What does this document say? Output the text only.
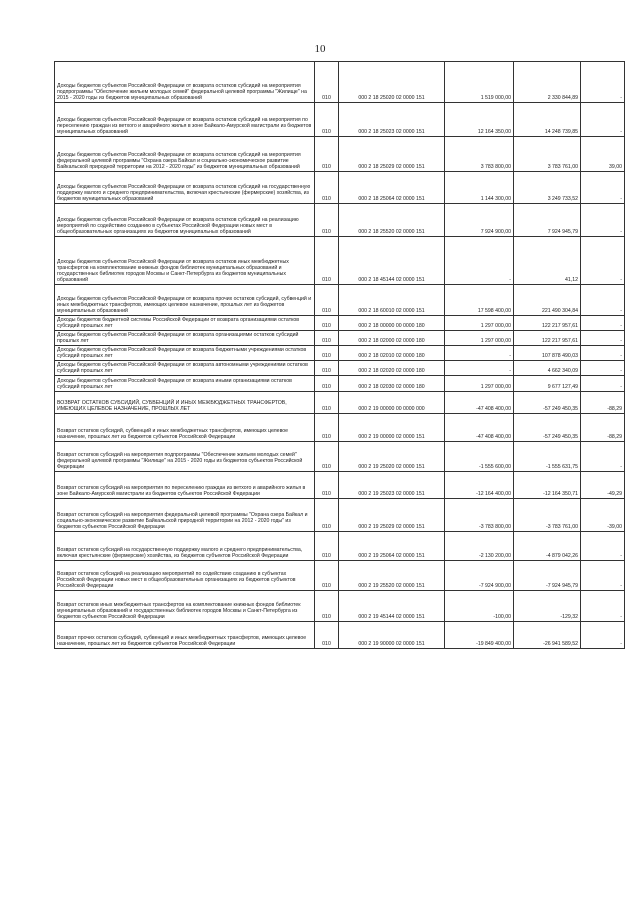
10
Доходы бюджетов субъектов Российской Федерации от возврата остатков субсидий на мероприятия подпрограммы "Обеспечение жильем молодых семей" федеральной целевой программы "Жилище" на 2015 - 2020 годы из бюджетов муниципальных образований	010	000 2 18 25020 02 0000 151	1 519 000,00	2 330 844,89	-
Доходы бюджетов субъектов Российской Федерации от возврата остатков субсидий на мероприятия по переселению граждан из ветхого и аварийного жилья в зоне Байкало-Амурской магистрали из бюджетов муниципальных образований	010	000 2 18 25023 02 0000 151	12 164 350,00	14 248 739,85	-
Доходы бюджетов субъектов Российской Федерации от возврата остатков субсидий на мероприятия федеральной целевой программы "Охрана озера Байкал и социально-экономическое развитие Байкальской природной территории на 2012 - 2020 годы" из бюджетов муниципальных образований	010	000 2 18 25029 02 0000 151	3 783 800,00	3 783 761,00	39,00
Доходы бюджетов субъектов Российской Федерации от возврата остатков субсидий на государственную поддержку малого и среднего предпринимательства, включая крестьянские (фермерские) хозяйства, из бюджетов муниципальных образований	010	000 2 18 25064 02 0000 151	1 144 300,00	3 249 733,52	-
Доходы бюджетов субъектов Российской Федерации от возврата остатков субсидий на реализацию мероприятий по содействию созданию в субъектах Российской Федерации новых мест в общеобразовательных организациях из бюджетов муниципальных образований	010	000 2 18 25520 02 0000 151	7 924 900,00	7 924 945,79	-
Доходы бюджетов субъектов Российской Федерации от возврата остатков иных межбюджетных трансфертов на комплектование книжных фондов библиотек муниципальных образований и государственных библиотек городов Москвы и Санкт-Петербурга из бюджетов муниципальных образований	010	000 2 18 45144 02 0000 151	-	41,12	-
Доходы бюджетов субъектов Российской Федерации от возврата прочих остатков субсидий, субвенций и иных межбюджетных трансфертов, имеющих целевое назначение, прошлых лет из бюджетов муниципальных образований	010	000 2 18 60010 02 0000 151	17 598 400,00	221 490 304,84	-
Доходы бюджетов бюджетной системы Российской Федерации от возврата организациями остатков субсидий прошлых лет	010	000 2 18 00000 00 0000 180	1 297 000,00	122 217 957,61	-
Доходы бюджетов субъектов Российской Федерации от возврата организациями остатков субсидий прошлых лет	010	000 2 18 02000 02 0000 180	1 297 000,00	122 217 957,61	-
Доходы бюджетов субъектов Российской Федерации от возврата бюджетными учреждениями остатков субсидий прошлых лет	010	000 2 18 02010 02 0000 180	-	107 878 490,03	-
Доходы бюджетов субъектов Российской Федерации от возврата автономными учреждениями остатков субсидий прошлых лет	010	000 2 18 02020 02 0000 180	-	4 662 340,09	-
Доходы бюджетов субъектов Российской Федерации от возврата иными организациями остатков субсидий прошлых лет	010	000 2 18 02030 02 0000 180	1 297 000,00	9 677 127,49	-
ВОЗВРАТ ОСТАТКОВ СУБСИДИЙ, СУБВЕНЦИЙ И ИНЫХ МЕЖБЮДЖЕТНЫХ ТРАНСФЕРТОВ, ИМЕЮЩИХ ЦЕЛЕВОЕ НАЗНАЧЕНИЕ, ПРОШЛЫХ ЛЕТ	010	000 2 19 00000 00 0000 000	-47 408 400,00	-57 249 450,35	-88,29
Возврат остатков субсидий, субвенций и иных межбюджетных трансфертов, имеющих целевое назначение, прошлых лет из бюджетов субъектов Российской Федерации	010	000 2 19 00000 02 0000 151	-47 408 400,00	-57 249 450,35	-88,29
Возврат остатков субсидий на мероприятия подпрограммы "Обеспечение жильем молодых семей" федеральной целевой программы "Жилище" на 2015 - 2020 годы из бюджетов субъектов Российской Федерации	010	000 2 19 25020 02 0000 151	-1 555 600,00	-1 555 631,75	-
Возврат остатков субсидий на мероприятия по переселению граждан из ветхого и аварийного жилья в зоне Байкало-Амурской магистрали из бюджетов субъектов Российской Федерации	010	000 2 19 25023 02 0000 151	-12 164 400,00	-12 164 350,71	-49,29
Возврат остатков субсидий на мероприятия федеральной целевой программы "Охрана озера Байкал и социально-экономическое развитие Байкальской природной территории на 2012 - 2020 годы" из бюджетов субъектов Российской Федерации	010	000 2 19 25029 02 0000 151	-3 783 800,00	-3 783 761,00	-39,00
Возврат остатков субсидий на государственную поддержку малого и среднего предпринимательства, включая крестьянские (фермерские) хозяйства, из бюджетов субъектов Российской Федерации	010	000 2 19 25064 02 0000 151	-2 130 200,00	-4 879 042,26	-
Возврат остатков субсидий на реализацию мероприятий по содействию созданию в субъектах Российской Федерации новых мест в общеобразовательных организациях из бюджетов субъектов Российской Федерации	010	000 2 19 25520 02 0000 151	-7 924 900,00	-7 924 945,79	-
Возврат остатков иных межбюджетных трансфертов на комплектование книжных фондов библиотек муниципальных образований и государственных библиотек городов Москвы и Санкт-Петербурга из бюджетов субъектов Российской Федерации	010	000 2 19 45144 02 0000 151	-100,00	-129,32	-
Возврат прочих остатков субсидий, субвенций и иных межбюджетных трансфертов, имеющих целевое назначение, прошлых лет из бюджетов субъектов Российской Федерации	010	000 2 19 90000 02 0000 151	-19 849 400,00	-26 941 589,52	-
